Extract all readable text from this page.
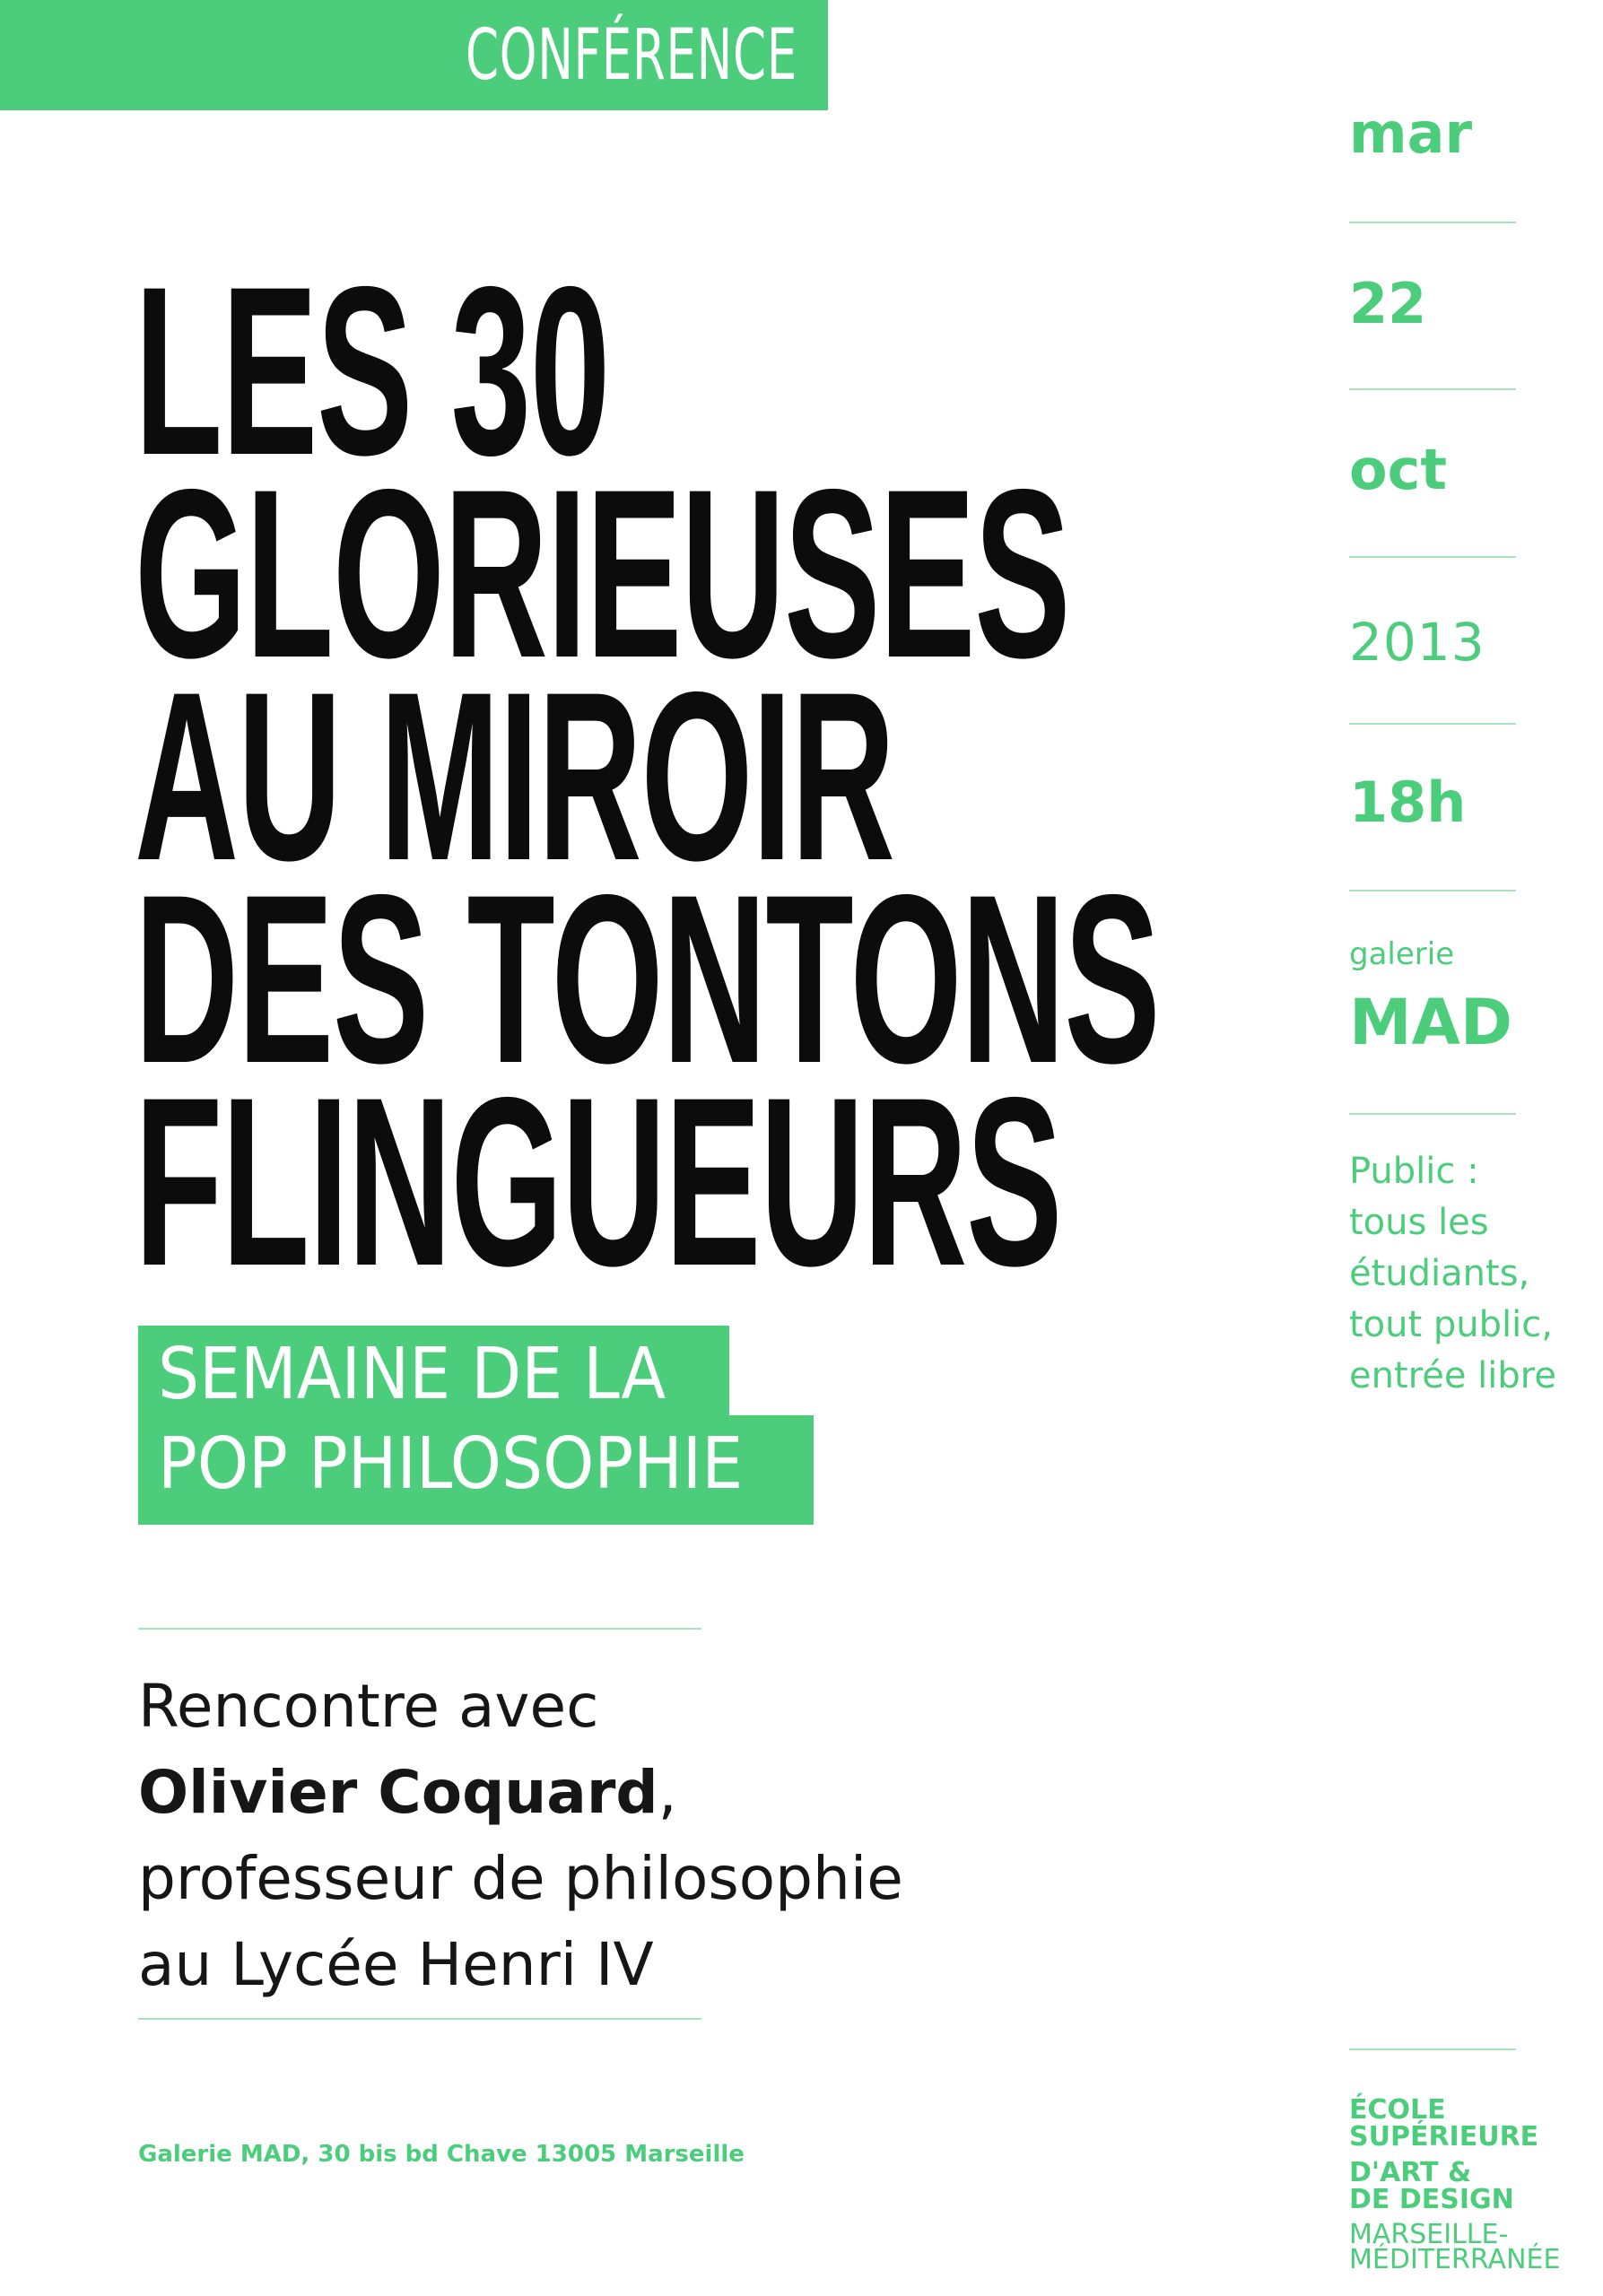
CONFÉRENCE
LES 30
GLORIEUSES
AU MIROIR
DES TONTONS
FLINGUEURS
SEMAINE DE LA
POP PHILOSOPHIE
Rencontre avec
Olivier Coquard,
professeur de philosophie
au Lycée Henri IV
Galerie MAD, 30 bis bd Chave 13005 Marseille
mar
22
oct
2013
18h
galerie
MAD
Public :
tous les
étudiants,
tout public,
entrée libre
ÉCOLE
SUPÉRIEURE
D'ART &
DE DESIGN
MARSEILLE-
MÉDITERRANÉE
